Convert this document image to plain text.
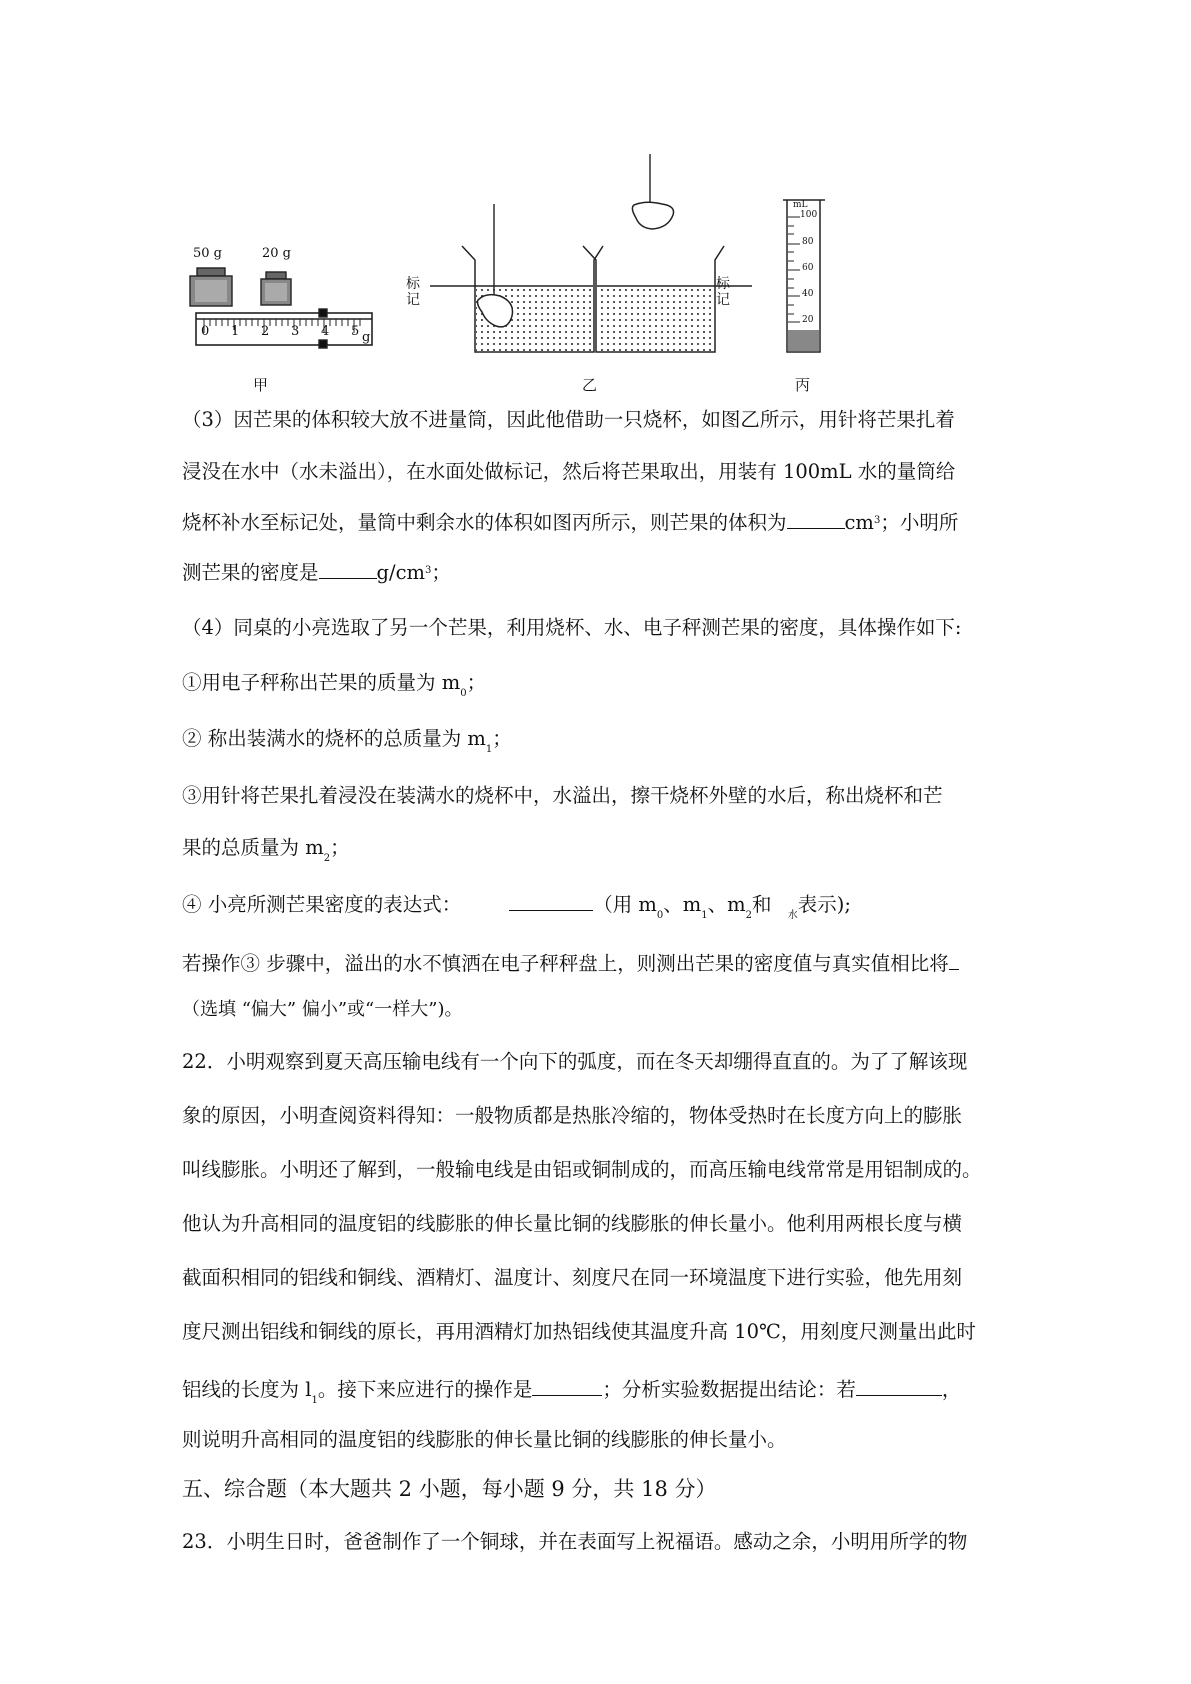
50 g	20 g
0 1 2 3 4 5 g
标记
标记
mL
100
80
60
40
20
甲	乙	丙
（3）因芒果的体积较大放不进量筒，因此他借助一只烧杯，如图乙所示，用针将芒果扎着
浸没在水中（水未溢出），在水面处做标记，然后将芒果取出，用装有 100mL 水的量筒给
烧杯补水至标记处，量筒中剩余水的体积如图丙所示，则芒果的体积为	$cm^3$；小明所
测芒果的密度是	$g/cm^3$；
（4）同桌的小亮选取了另一个芒果，利用烧杯、水、电子秤测芒果的密度，具体操作如下:
①用电子秤称出芒果的质量为 $m_0$；
② 称出装满水的烧杯的总质量为 $m_1$；
③用针将芒果扎着浸没在装满水的烧杯中，水溢出，擦干烧杯外壁的水后，称出烧杯和芒
果的总质量为 $m_2$；
④ 小亮所测芒果密度的表达式：	（用 $m_0$、$m_1$、$m_2$和 $_水$表示);
若操作③ 步骤中，溢出的水不慎洒在电子秤秤盘上，则测出芒果的密度值与真实值相比将
（选填 “偏大” 偏小”或“一样大”)。
22．小明观察到夏天高压输电线有一个向下的弧度，而在冬天却绷得直直的。为了了解该现
象的原因，小明查阅资料得知：一般物质都是热胀冷缩的，物体受热时在长度方向上的膨胀
叫线膨胀。小明还了解到，一般输电线是由铝或铜制成的，而高压输电线常常是用铝制成的。
他认为升高相同的温度铝的线膨胀的伸长量比铜的线膨胀的伸长量小。他利用两根长度与横
截面积相同的铝线和铜线、酒精灯、温度计、刻度尺在同一环境温度下进行实验，他先用刻
度尺测出铝线和铜线的原长，再用酒精灯加热铝线使其温度升高 10℃，用刻度尺测量出此时
铝线的长度为 $l_1$。接下来应进行的操作是	；分析实验数据提出结论：若	，
则说明升高相同的温度铝的线膨胀的伸长量比铜的线膨胀的伸长量小。
五、综合题（本大题共 2 小题，每小题 9 分，共 18 分）
23．小明生日时，爸爸制作了一个铜球，并在表面写上祝福语。感动之余，小明用所学的物
